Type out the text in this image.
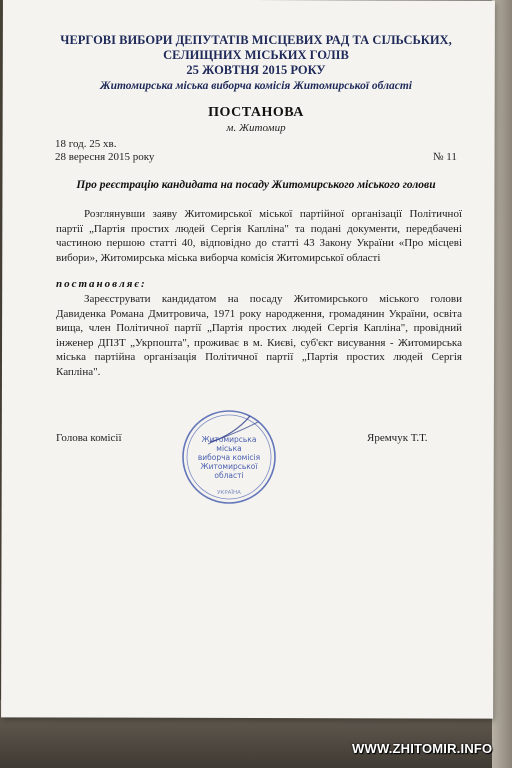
ЧЕРГОВІ ВИБОРИ ДЕПУТАТІВ МІСЦЕВИХ РАД ТА СІЛЬСЬКИХ,
СЕЛИЩНИХ МІСЬКИХ ГОЛІВ
25 ЖОВТНЯ 2015 РОКУ
Житомирська міська виборча комісія Житомирської області
ПОСТАНОВА
м. Житомир
18 год. 25 хв.
28 вересня 2015 року	№ 11
Про реєстрацію кандидата на посаду Житомирського міського голови
Розглянувши заяву Житомирської міської партійної організації Політичної партії „Партія простих людей Сергія Капліна" та подані документи, передбачені частиною першою статті 40, відповідно до статті 43 Закону України «Про місцеві вибори», Житомирська міська виборча комісія Житомирської області
постановляє:
Зареєструвати кандидатом на посаду Житомирського міського голови Давиденка Романа Дмитровича, 1971 року народження, громадянин України, освіта вища, член Політичної партії „Партія простих людей Сергія Капліна", провідний інженер ДПЗТ „Укрпошта", проживає в м. Києві, суб'єкт висування - Житомирська міська партійна організація Політичної партії „Партія простих людей Сергія Капліна".
Голова комісії	Яремчук Т.Т.
Житомирська
міська
виборча комісія
Житомирської
області
УКРАЇНА
WWW.ZHITOMIR.INFO
